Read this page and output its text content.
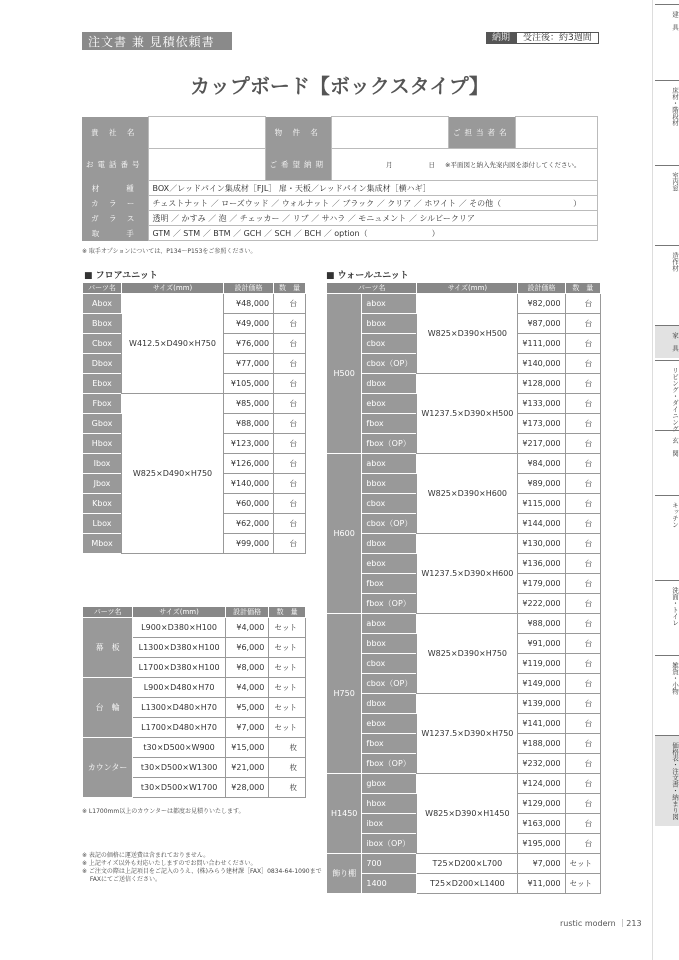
注文書 兼 見積依頼書	納期	受注後：約3週間
カップボード【ボックスタイプ】
貴 社 名		物 件 名		ご担当者名	
お電話番号		ご希望納期	月 日 ※平面図と納入先案内図を添付してください。		
材　　種	BOX／レッドパイン集成材［FJL］ 扉・天板／レッドパイン集成材［横ハギ］				
カ ラ ー	チェストナット ／ ローズウッド ／ ウォルナット ／ ブラック ／ クリア ／ ホワイト ／ その他（　　　　　　　　　）				
ガ ラ ス	透明 ／ かすみ ／ 泡 ／ チェッカー ／ リブ ／ サハラ ／ モニュメント ／ シルビークリア				
取　　手	GTM ／ STM ／ BTM ／ GCH ／ SCH ／ BCH ／ option（　　　　　　　　）				
※ 取手オプションについては、P134～P153をご参照ください。
■ フロアユニット
パーツ名	サイズ(mm)	設計価格	数　量
Abox	W412.5×D490×H750	¥48,000	台
Bbox		¥49,000	台
Cbox		¥76,000	台
Dbox		¥77,000	台
Ebox		¥105,000	台
Fbox	W825×D490×H750	¥85,000	台
Gbox		¥88,000	台
Hbox		¥123,000	台
Ibox		¥126,000	台
Jbox		¥140,000	台
Kbox		¥60,000	台
Lbox		¥62,000	台
Mbox		¥99,000	台
パーツ名	サイズ(mm)	設計価格	数　量
幕　板	L900×D380×H100	¥4,000	セット
	L1300×D380×H100	¥6,000	セット
	L1700×D380×H100	¥8,000	セット
台　輪	L900×D480×H70	¥4,000	セット
	L1300×D480×H70	¥5,000	セット
	L1700×D480×H70	¥7,000	セット
カウンター	t30×D500×W900	¥15,000	枚
	t30×D500×W1300	¥21,000	枚
	t30×D500×W1700	¥28,000	枚
※ L1700mm以上のカウンターは都度お見積りいたします。
■ ウォールユニット
パーツ名		サイズ(mm)	設計価格	数　量
H500	abox	W825×D390×H500	¥82,000	台
	bbox		¥87,000	台
	cbox		¥111,000	台
	cbox（OP）		¥140,000	台
	dbox	W1237.5×D390×H500	¥128,000	台
	ebox		¥133,000	台
	fbox		¥173,000	台
	fbox（OP）		¥217,000	台
H600	abox	W825×D390×H600	¥84,000	台
	bbox		¥89,000	台
	cbox		¥115,000	台
	cbox（OP）		¥144,000	台
	dbox	W1237.5×D390×H600	¥130,000	台
	ebox		¥136,000	台
	fbox		¥179,000	台
	fbox（OP）		¥222,000	台
H750	abox	W825×D390×H750	¥88,000	台
	bbox		¥91,000	台
	cbox		¥119,000	台
	cbox（OP）		¥149,000	台
	dbox	W1237.5×D390×H750	¥139,000	台
	ebox		¥141,000	台
	fbox		¥188,000	台
	fbox（OP）		¥232,000	台
H1450	gbox	W825×D390×H1450	¥124,000	台
	hbox		¥129,000	台
	ibox		¥163,000	台
	ibox（OP）		¥195,000	台
飾り棚	700	T25×D200×L700	¥7,000	セット
	1400	T25×D200×L1400	¥11,000	セット
※ 表記の価格に運送費は含まれておりません。
※ 上記サイズ以外も対応いたしますのでお問い合わせください。
※ ご注文の際は上記項目をご記入のうえ、(株)みらう建材課［FAX］0834-64-1090まで
　 FAXにてご送信ください。
建　具
床材・階段材
室内窓
造作材
家　具
リビング・ダイニング
玄　関
キッチン
洗面・トイレ
雑貨・小物
価格表・注文書・納まり図
rustic modern ｜213
